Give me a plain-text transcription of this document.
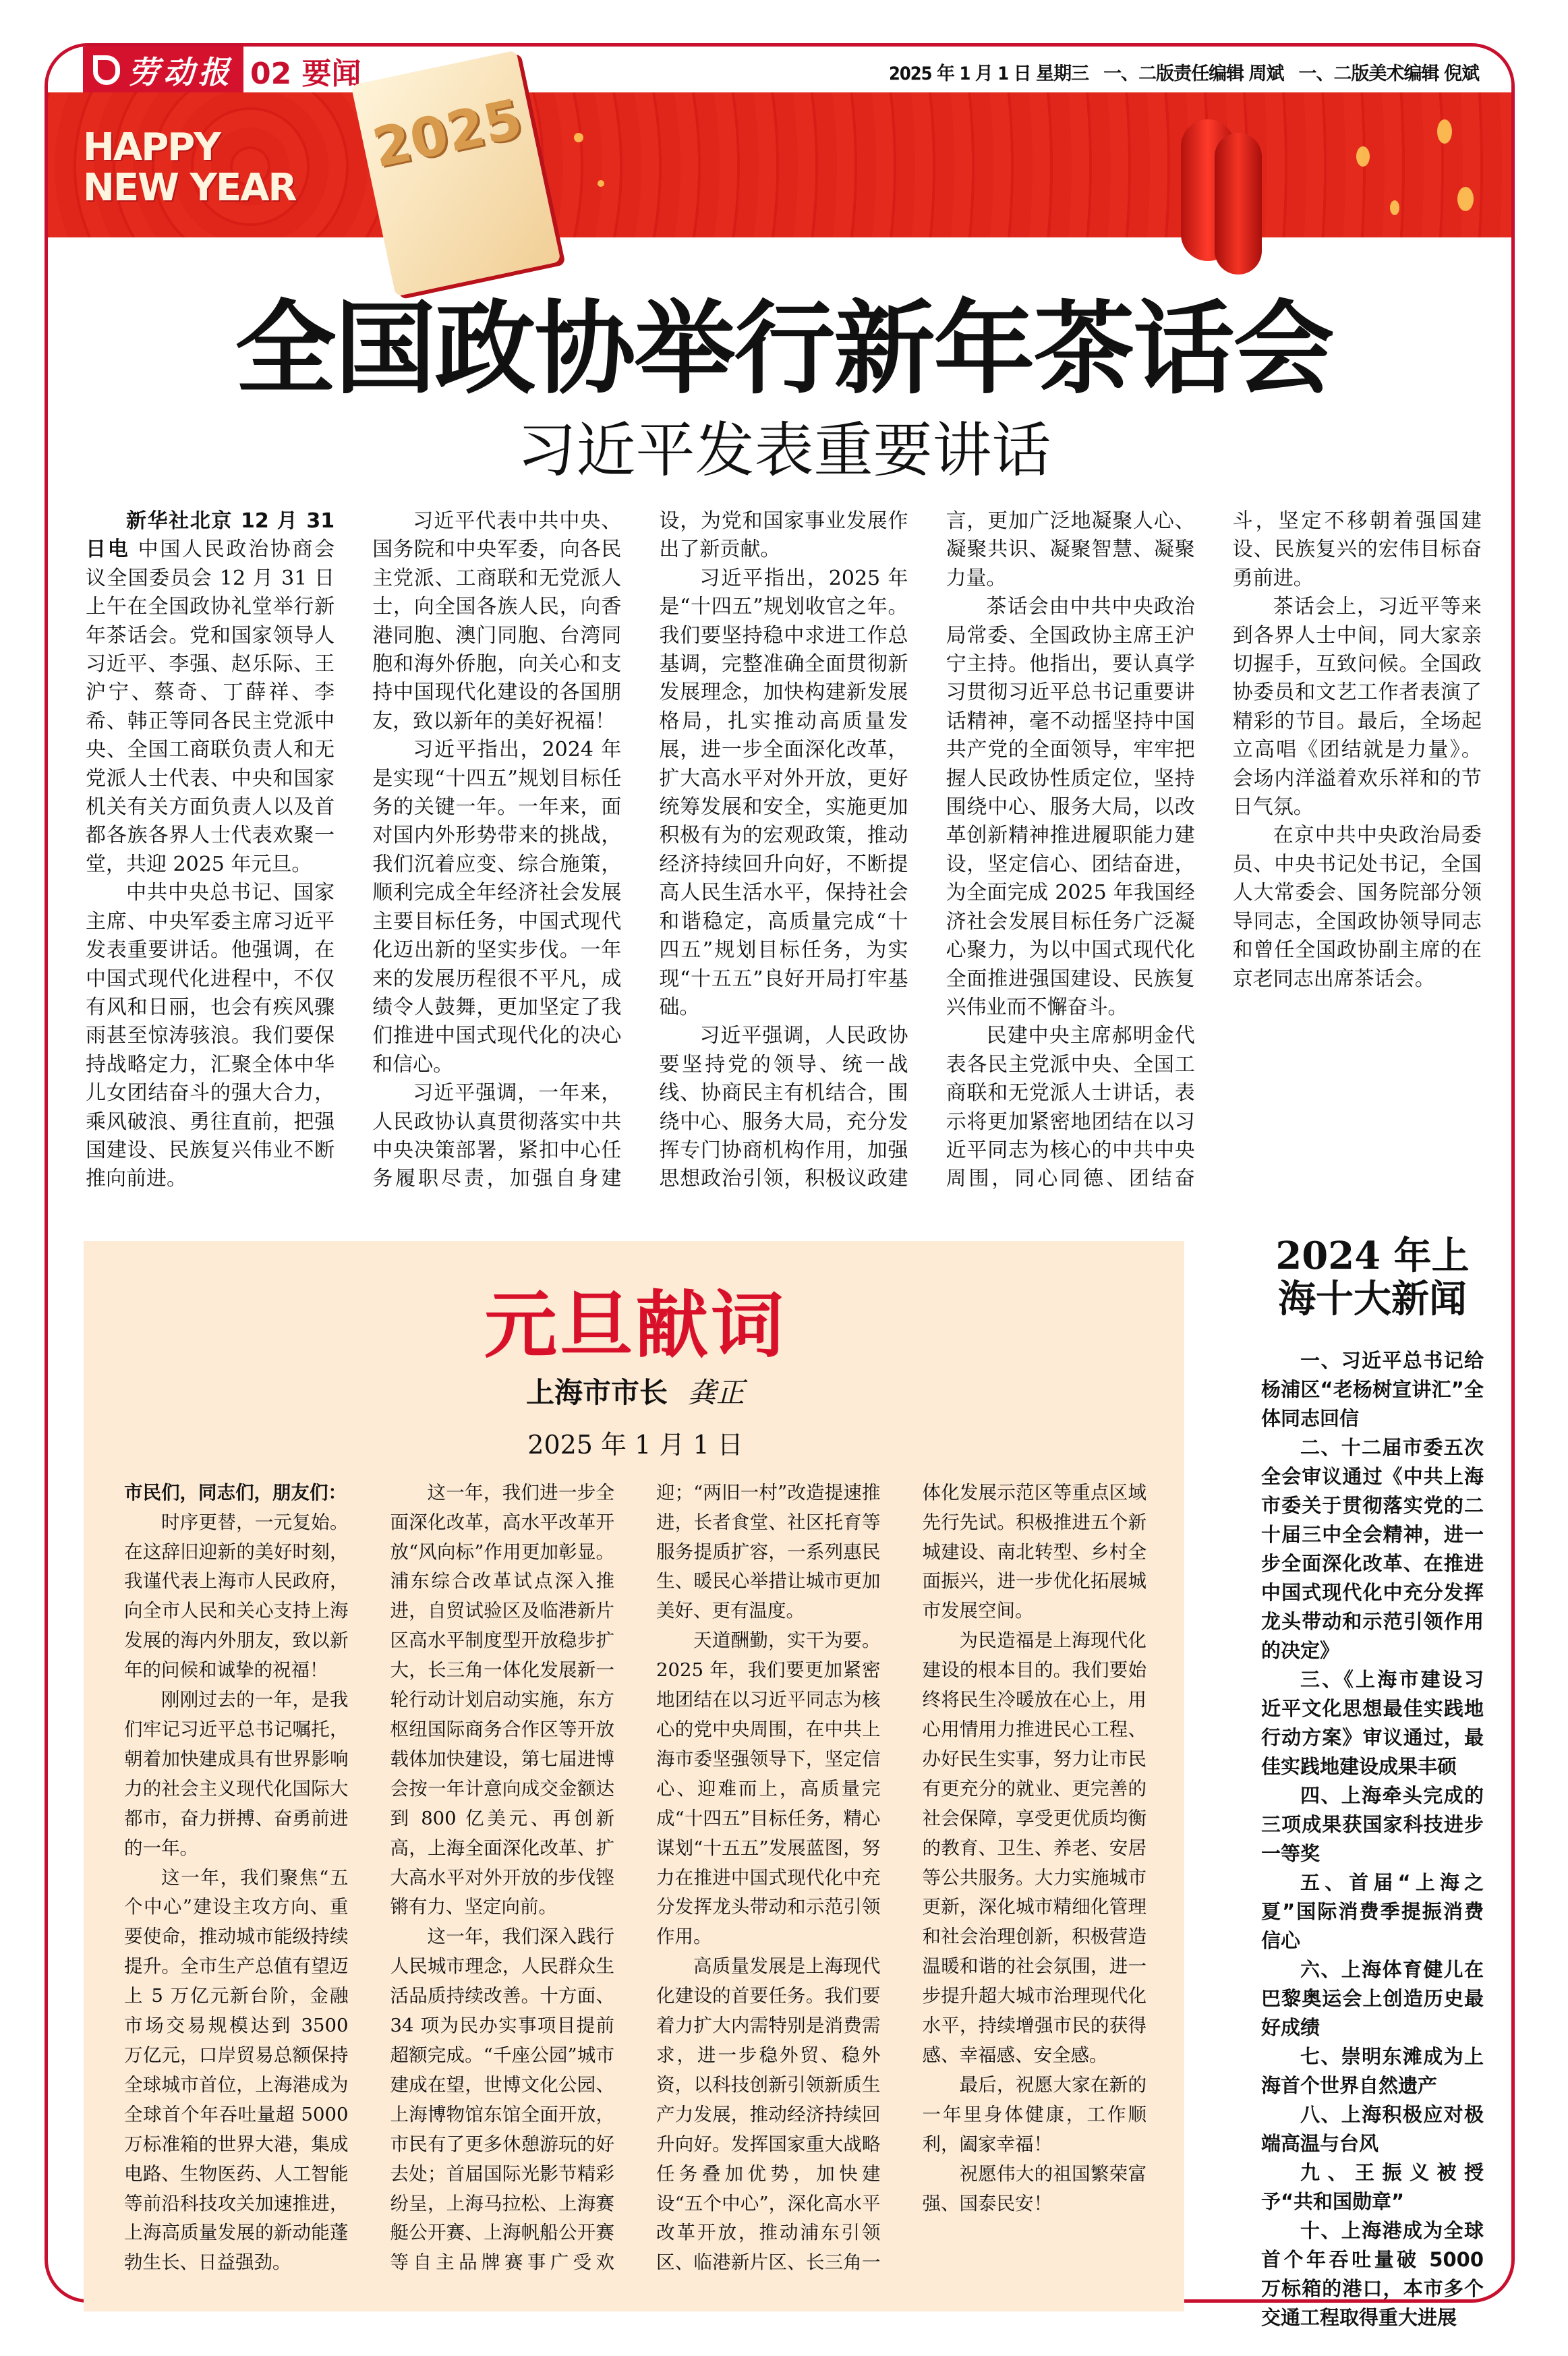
劳动报 02 要闻	2025 年 1 月 1 日 星期三 一、二版责任编辑 周斌 一、二版美术编辑 倪斌
HAPPY
NEW YEAR
2025
全国政协举行新年茶话会
习近平发表重要讲话

新华社北京 12 月 31 日电 中国人民政治协商会议全国委员会 12 月 31 日上午在全国政协礼堂举行新年茶话会。党和国家领导人习近平、李强、赵乐际、王沪宁、蔡奇、丁薛祥、李希、韩正等同各民主党派中央、全国工商联负责人和无党派人士代表、中央和国家机关有关方面负责人以及首都各族各界人士代表欢聚一堂，共迎 2025 年元旦。

中共中央总书记、国家主席、中央军委主席习近平发表重要讲话。他强调，在中国式现代化进程中，不仅有风和日丽，也会有疾风骤雨甚至惊涛骇浪。我们要保持战略定力，汇聚全体中华儿女团结奋斗的强大合力，乘风破浪、勇往直前，把强国建设、民族复兴伟业不断推向前进。

习近平代表中共中央、国务院和中央军委，向各民主党派、工商联和无党派人士，向全国各族人民，向香港同胞、澳门同胞、台湾同胞和海外侨胞，向关心和支持中国现代化建设的各国朋友，致以新年的美好祝福！

习近平指出，2024 年是实现“十四五”规划目标任务的关键一年。一年来，面对国内外形势带来的挑战，我们沉着应变、综合施策，顺利完成全年经济社会发展主要目标任务，中国式现代化迈出新的坚实步伐。一年来的发展历程很不平凡，成绩令人鼓舞，更加坚定了我们推进中国式现代化的决心和信心。

习近平强调，一年来，人民政协认真贯彻落实中共中央决策部署，紧扣中心任务履职尽责，加强自身建设，为党和国家事业发展作出了新贡献。

习近平指出，2025 年是“十四五”规划收官之年。我们要坚持稳中求进工作总基调，完整准确全面贯彻新发展理念，加快构建新发展格局，扎实推动高质量发展，进一步全面深化改革，扩大高水平对外开放，更好统筹发展和安全，实施更加积极有为的宏观政策，推动经济持续回升向好，不断提高人民生活水平，保持社会和谐稳定，高质量完成“十四五”规划目标任务，为实现“十五五”良好开局打牢基础。

习近平强调，人民政协要坚持党的领导、统一战线、协商民主有机结合，围绕中心、服务大局，充分发挥专门协商机构作用，加强思想政治引领，积极议政建言，更加广泛地凝聚人心、凝聚共识、凝聚智慧、凝聚力量。

茶话会由中共中央政治局常委、全国政协主席王沪宁主持。他指出，要认真学习贯彻习近平总书记重要讲话精神，毫不动摇坚持中国共产党的全面领导，牢牢把握人民政协性质定位，坚持围绕中心、服务大局，以改革创新精神推进履职能力建设，坚定信心、团结奋进，为全面完成 2025 年我国经济社会发展目标任务广泛凝心聚力，为以中国式现代化全面推进强国建设、民族复兴伟业而不懈奋斗。

民建中央主席郝明金代表各民主党派中央、全国工商联和无党派人士讲话，表示将更加紧密地团结在以习近平同志为核心的中共中央周围，同心同德、团结奋斗，坚定不移朝着强国建设、民族复兴的宏伟目标奋勇前进。

茶话会上，习近平等来到各界人士中间，同大家亲切握手，互致问候。全国政协委员和文艺工作者表演了精彩的节目。最后，全场起立高唱《团结就是力量》。会场内洋溢着欢乐祥和的节日气氛。

在京中共中央政治局委员、中央书记处书记，全国人大常委会、国务院部分领导同志，全国政协领导同志和曾任全国政协副主席的在京老同志出席茶话会。

元旦献词
上海市市长 龚正
2025 年 1 月 1 日

市民们，同志们，朋友们：

时序更替，一元复始。在这辞旧迎新的美好时刻，我谨代表上海市人民政府，向全市人民和关心支持上海发展的海内外朋友，致以新年的问候和诚挚的祝福！

刚刚过去的一年，是我们牢记习近平总书记嘱托，朝着加快建成具有世界影响力的社会主义现代化国际大都市，奋力拼搏、奋勇前进的一年。

这一年，我们聚焦“五个中心”建设主攻方向、重要使命，推动城市能级持续提升。全市生产总值有望迈上 5 万亿元新台阶，金融市场交易规模达到 3500 万亿元，口岸贸易总额保持全球城市首位，上海港成为全球首个年吞吐量超 5000 万标准箱的世界大港，集成电路、生物医药、人工智能等前沿科技攻关加速推进，上海高质量发展的新动能蓬勃生长、日益强劲。

这一年，我们进一步全面深化改革，高水平改革开放“风向标”作用更加彰显。浦东综合改革试点深入推进，自贸试验区及临港新片区高水平制度型开放稳步扩大，长三角一体化发展新一轮行动计划启动实施，东方枢纽国际商务合作区等开放载体加快建设，第七届进博会按一年计意向成交金额达到 800 亿美元、再创新高，上海全面深化改革、扩大高水平对外开放的步伐铿锵有力、坚定向前。

这一年，我们深入践行人民城市理念，人民群众生活品质持续改善。十方面、34 项为民办实事项目提前超额完成。“千座公园”城市建成在望，世博文化公园、上海博物馆东馆全面开放，市民有了更多休憩游玩的好去处；首届国际光影节精彩纷呈，上海马拉松、上海赛艇公开赛、上海帆船公开赛等自主品牌赛事广受欢迎；“两旧一村”改造提速推进，长者食堂、社区托育等服务提质扩容，一系列惠民生、暖民心举措让城市更加美好、更有温度。

天道酬勤，实干为要。2025 年，我们要更加紧密地团结在以习近平同志为核心的党中央周围，在中共上海市委坚强领导下，坚定信心、迎难而上，高质量完成“十四五”目标任务，精心谋划“十五五”发展蓝图，努力在推进中国式现代化中充分发挥龙头带动和示范引领作用。

高质量发展是上海现代化建设的首要任务。我们要着力扩大内需特别是消费需求，进一步稳外贸、稳外资，以科技创新引领新质生产力发展，推动经济持续回升向好。发挥国家重大战略任务叠加优势，加快建设“五个中心”，深化高水平改革开放，推动浦东引领区、临港新片区、长三角一体化发展示范区等重点区域先行先试。积极推进五个新城建设、南北转型、乡村全面振兴，进一步优化拓展城市发展空间。

为民造福是上海现代化建设的根本目的。我们要始终将民生冷暖放在心上，用心用情用力推进民心工程、办好民生实事，努力让市民有更充分的就业、更完善的社会保障，享受更优质均衡的教育、卫生、养老、安居等公共服务。大力实施城市更新，深化城市精细化管理和社会治理创新，积极营造温暖和谐的社会氛围，进一步提升超大城市治理现代化水平，持续增强市民的获得感、幸福感、安全感。

最后，祝愿大家在新的一年里身体健康，工作顺利，阖家幸福！

祝愿伟大的祖国繁荣富强、国泰民安！

2024 年上海十大新闻
一、习近平总书记给杨浦区“老杨树宣讲汇”全体同志回信
二、十二届市委五次全会审议通过《中共上海市委关于贯彻落实党的二十届三中全会精神，进一步全面深化改革、在推进中国式现代化中充分发挥龙头带动和示范引领作用的决定》
三、《上海市建设习近平文化思想最佳实践地行动方案》审议通过，最佳实践地建设成果丰硕
四、上海牵头完成的三项成果获国家科技进步一等奖
五、首届“上海之夏”国际消费季提振消费信心
六、上海体育健儿在巴黎奥运会上创造历史最好成绩
七、崇明东滩成为上海首个世界自然遗产
八、上海积极应对极端高温与台风
九、王振义被授予“共和国勋章”
十、上海港成为全球首个年吞吐量破 5000 万标箱的港口，本市多个交通工程取得重大进展
